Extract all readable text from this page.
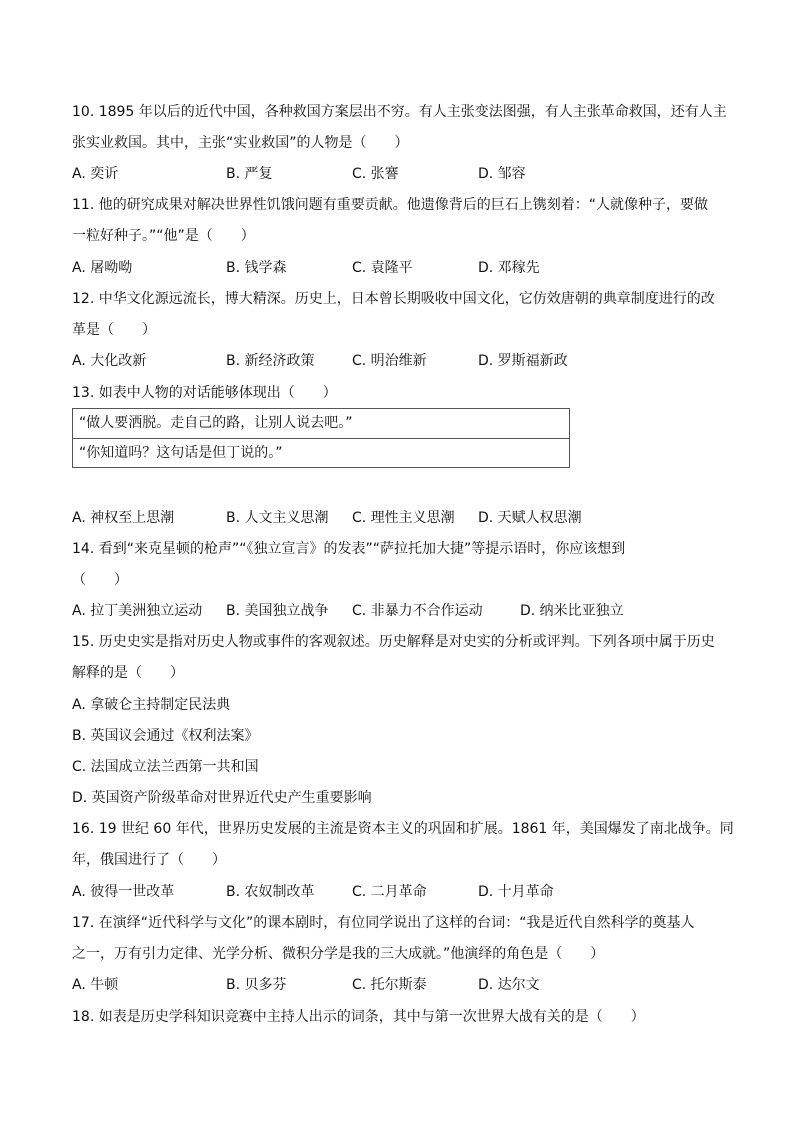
10. 1895 年以后的近代中国，各种救国方案层出不穷。有人主张变法图强，有人主张革命救国，还有人主
张实业救国。其中，主张“实业救国”的人物是（　　）
A. 奕䜣	B. 严复	C. 张謇	D. 邹容
11. 他的研究成果对解决世界性饥饿问题有重要贡献。他遗像背后的巨石上镌刻着：“人就像种子，要做
一粒好种子。”“他”是（　　）
A. 屠呦呦	B. 钱学森	C. 袁隆平	D. 邓稼先
12. 中华文化源远流长，博大精深。历史上，日本曾长期吸收中国文化，它仿效唐朝的典章制度进行的改
革是（　　）
A. 大化改新	B. 新经济政策	C. 明治维新	D. 罗斯福新政
13. 如表中人物的对话能够体现出（　　）
“做人要洒脱。走自己的路，让别人说去吧。”
“你知道吗？这句话是但丁说的。”
A. 神权至上思潮	B. 人文主义思潮 C. 理性主义思潮 D. 天赋人权思潮
14. 看到“来克星顿的枪声”“《独立宣言》的发表”“萨拉托加大捷”等提示语时，你应该想到
（　　）
A. 拉丁美洲独立运动 B. 美国独立战争 C. 非暴力不合作运动	D. 纳米比亚独立
15. 历史史实是指对历史人物或事件的客观叙述。历史解释是对史实的分析或评判。下列各项中属于历史
解释的是（　　）
A. 拿破仑主持制定民法典
B. 英国议会通过《权利法案》
C. 法国成立法兰西第一共和国
D. 英国资产阶级革命对世界近代史产生重要影响
16. 19 世纪 60 年代，世界历史发展的主流是资本主义的巩固和扩展。1861 年，美国爆发了南北战争。同
年，俄国进行了（　　）
A. 彼得一世改革	B. 农奴制改革	C. 二月革命	D. 十月革命
17. 在演绎“近代科学与文化”的课本剧时，有位同学说出了这样的台词：“我是近代自然科学的奠基人
之一，万有引力定律、光学分析、微积分学是我的三大成就。”他演绎的角色是（　　）
A. 牛顿	B. 贝多芬	C. 托尔斯泰	D. 达尔文
18. 如表是历史学科知识竞赛中主持人出示的词条，其中与第一次世界大战有关的是（　　）
